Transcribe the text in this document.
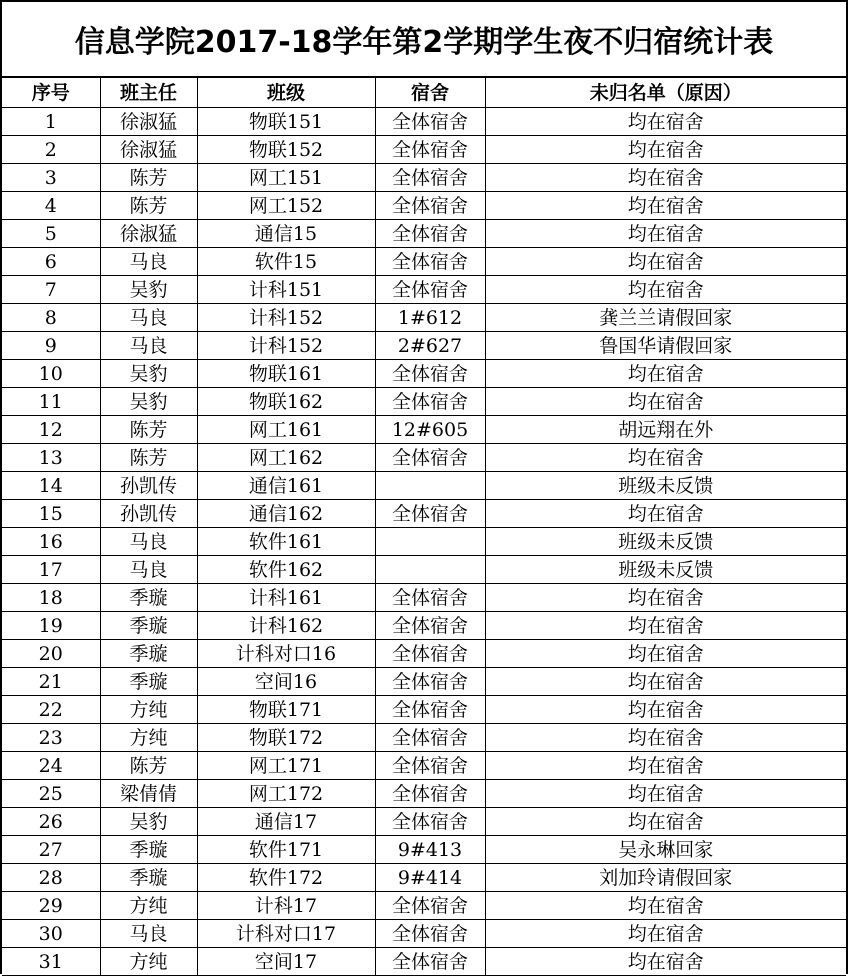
信息学院2017-18学年第2学期学生夜不归宿统计表
序号	班主任	班级	宿舍	未归名单（原因）
1	徐淑猛	物联151	全体宿舍	均在宿舍
2	徐淑猛	物联152	全体宿舍	均在宿舍
3	陈芳	网工151	全体宿舍	均在宿舍
4	陈芳	网工152	全体宿舍	均在宿舍
5	徐淑猛	通信15	全体宿舍	均在宿舍
6	马良	软件15	全体宿舍	均在宿舍
7	吴豹	计科151	全体宿舍	均在宿舍
8	马良	计科152	1#612	龚兰兰请假回家
9	马良	计科152	2#627	鲁国华请假回家
10	吴豹	物联161	全体宿舍	均在宿舍
11	吴豹	物联162	全体宿舍	均在宿舍
12	陈芳	网工161	12#605	胡远翔在外
13	陈芳	网工162	全体宿舍	均在宿舍
14	孙凯传	通信161		班级未反馈
15	孙凯传	通信162	全体宿舍	均在宿舍
16	马良	软件161		班级未反馈
17	马良	软件162		班级未反馈
18	季璇	计科161	全体宿舍	均在宿舍
19	季璇	计科162	全体宿舍	均在宿舍
20	季璇	计科对口16	全体宿舍	均在宿舍
21	季璇	空间16	全体宿舍	均在宿舍
22	方纯	物联171	全体宿舍	均在宿舍
23	方纯	物联172	全体宿舍	均在宿舍
24	陈芳	网工171	全体宿舍	均在宿舍
25	梁倩倩	网工172	全体宿舍	均在宿舍
26	吴豹	通信17	全体宿舍	均在宿舍
27	季璇	软件171	9#413	吴永琳回家
28	季璇	软件172	9#414	刘加玲请假回家
29	方纯	计科17	全体宿舍	均在宿舍
30	马良	计科对口17	全体宿舍	均在宿舍
31	方纯	空间17	全体宿舍	均在宿舍
